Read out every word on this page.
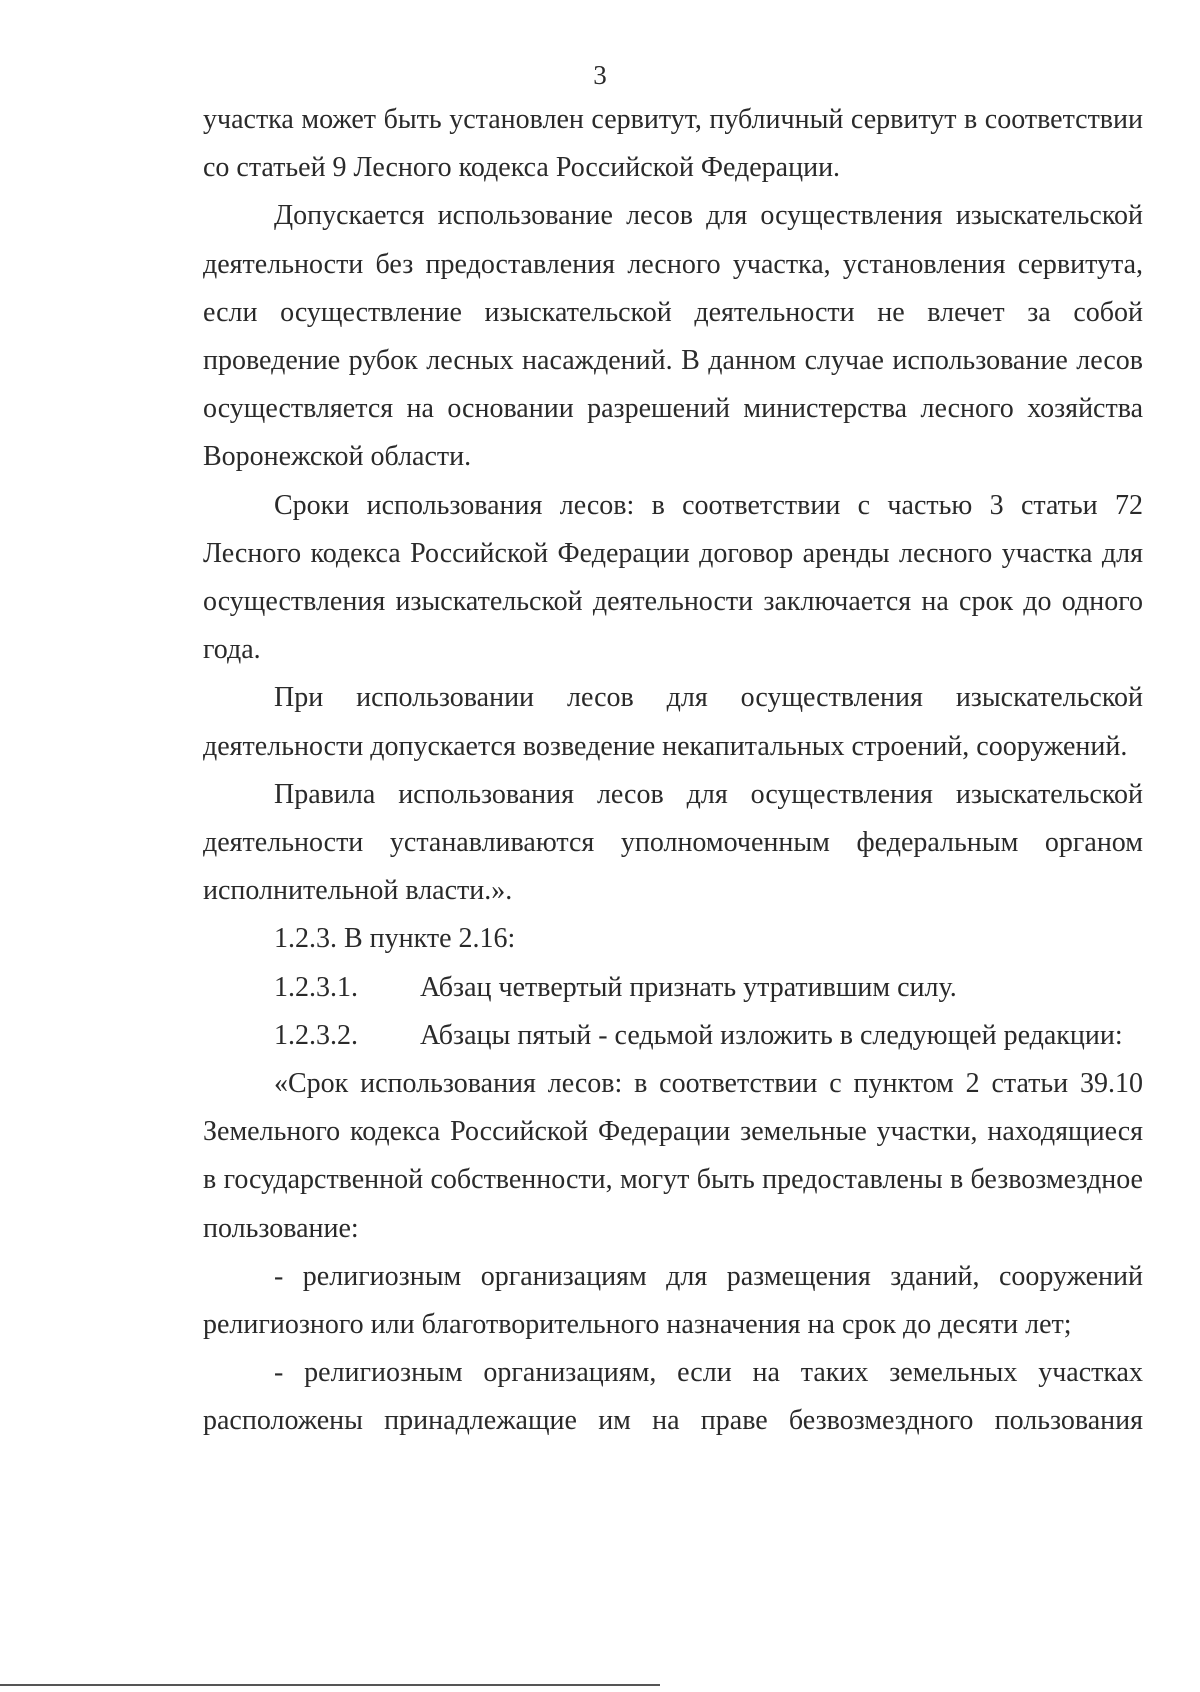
3

участка может быть установлен сервитут, публичный сервитут в соответствии со статьей 9 Лесного кодекса Российской Федерации.

Допускается использование лесов для осуществления изыскательской деятельности без предоставления лесного участка, установления сервитута, если осуществление изыскательской деятельности не влечет за собой проведение рубок лесных насаждений. В данном случае использование лесов осуществляется на основании разрешений министерства лесного хозяйства Воронежской области.

Сроки использования лесов: в соответствии с частью 3 статьи 72 Лесного кодекса Российской Федерации договор аренды лесного участка для осуществления изыскательской деятельности заключается на срок до одного года.

При использовании лесов для осуществления изыскательской деятельности допускается возведение некапитальных строений, сооружений.

Правила использования лесов для осуществления изыскательской деятельности устанавливаются уполномоченным федеральным органом исполнительной власти.».

1.2.3. В пункте 2.16:

1.2.3.1.	Абзац четвертый признать утратившим силу.
1.2.3.2.	Абзацы пятый - седьмой изложить в следующей редакции:

«Срок использования лесов: в соответствии с пунктом 2 статьи 39.10 Земельного кодекса Российской Федерации земельные участки, находящиеся в государственной собственности, могут быть предоставлены в безвозмездное пользование:

- религиозным организациям для размещения зданий, сооружений религиозного или благотворительного назначения на срок до десяти лет;

- религиозным организациям, если на таких земельных участках расположены принадлежащие им на праве безвозмездного пользования
